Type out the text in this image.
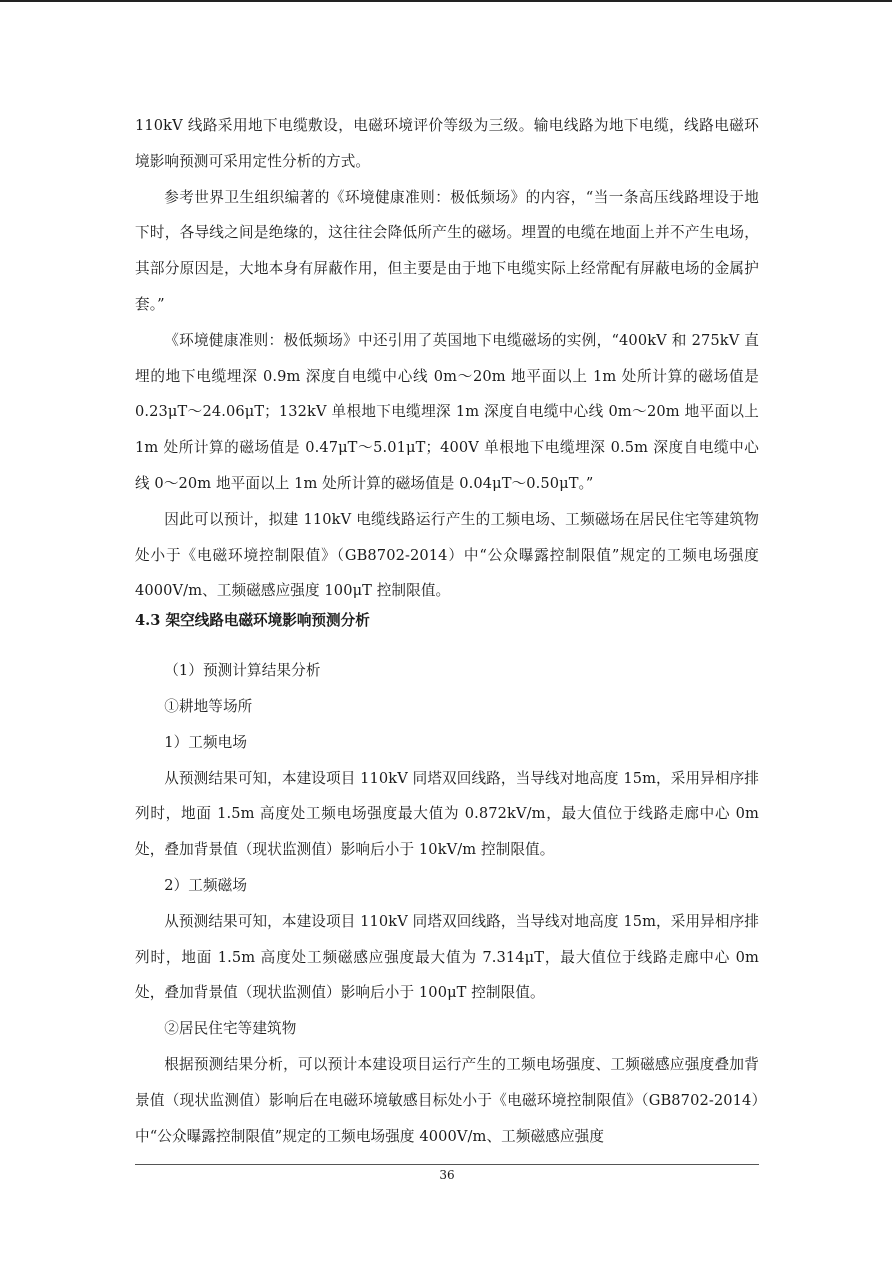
110kV 线路采用地下电缆敷设，电磁环境评价等级为三级。输电线路为地下电缆，线路电磁环境影响预测可采用定性分析的方式。

参考世界卫生组织编著的《环境健康准则：极低频场》的内容，“当一条高压线路埋设于地下时，各导线之间是绝缘的，这往往会降低所产生的磁场。埋置的电缆在地面上并不产生电场，其部分原因是，大地本身有屏蔽作用，但主要是由于地下电缆实际上经常配有屏蔽电场的金属护套。”

《环境健康准则：极低频场》中还引用了英国地下电缆磁场的实例，“400kV 和 275kV 直埋的地下电缆埋深 0.9m 深度自电缆中心线 0m～20m 地平面以上 1m 处所计算的磁场值是 0.23μT～24.06μT；132kV 单根地下电缆埋深 1m 深度自电缆中心线 0m～20m 地平面以上 1m 处所计算的磁场值是 0.47μT～5.01μT；400V 单根地下电缆埋深 0.5m 深度自电缆中心线 0～20m 地平面以上 1m 处所计算的磁场值是 0.04μT～0.50μT。”

因此可以预计，拟建 110kV 电缆线路运行产生的工频电场、工频磁场在居民住宅等建筑物处小于《电磁环境控制限值》（GB8702-2014）中“公众曝露控制限值”规定的工频电场强度 4000V/m、工频磁感应强度 100μT 控制限值。

4.3 架空线路电磁环境影响预测分析

（1）预测计算结果分析

①耕地等场所

1）工频电场

从预测结果可知，本建设项目 110kV 同塔双回线路，当导线对地高度 15m，采用异相序排列时，地面 1.5m 高度处工频电场强度最大值为 0.872kV/m，最大值位于线路走廊中心 0m 处，叠加背景值（现状监测值）影响后小于 10kV/m 控制限值。

2）工频磁场

从预测结果可知，本建设项目 110kV 同塔双回线路，当导线对地高度 15m，采用异相序排列时，地面 1.5m 高度处工频磁感应强度最大值为 7.314μT，最大值位于线路走廊中心 0m 处，叠加背景值（现状监测值）影响后小于 100μT 控制限值。

②居民住宅等建筑物

根据预测结果分析，可以预计本建设项目运行产生的工频电场强度、工频磁感应强度叠加背景值（现状监测值）影响后在电磁环境敏感目标处小于《电磁环境控制限值》（GB8702-2014）中“公众曝露控制限值”规定的工频电场强度 4000V/m、工频磁感应强度

36
